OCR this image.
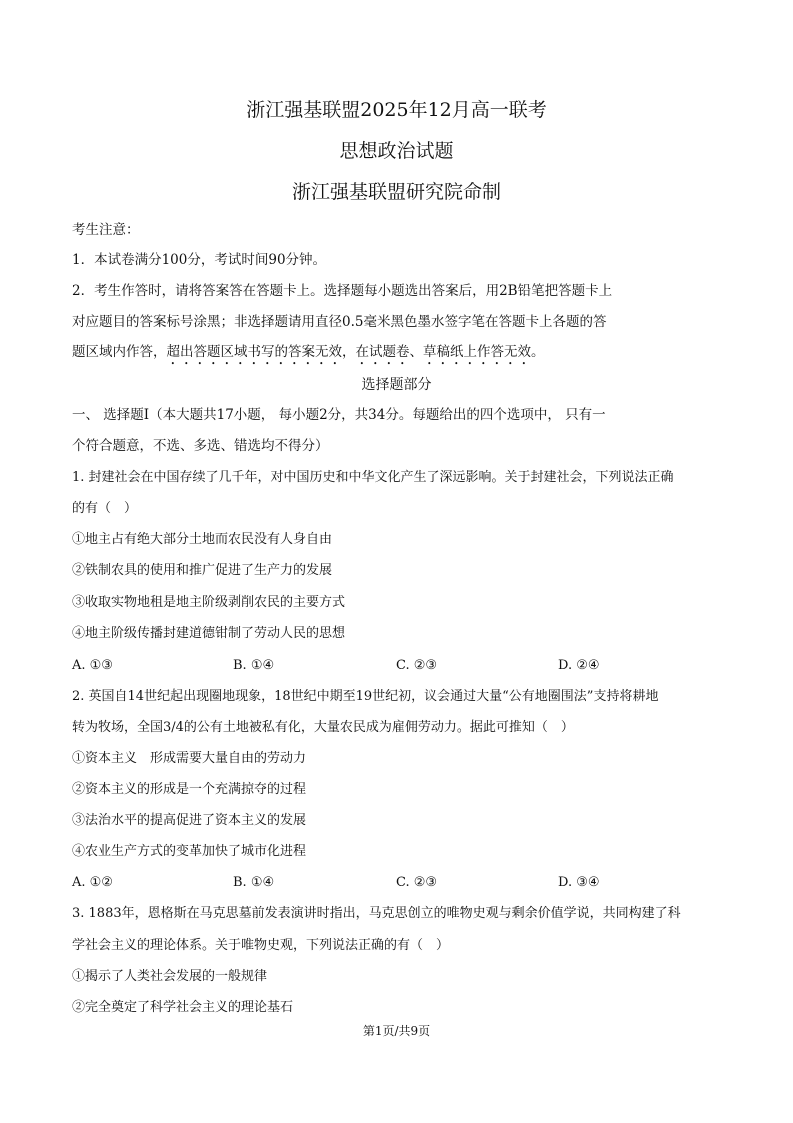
浙江强基联盟2025年12月高一联考
思想政治试题
浙江强基联盟研究院命制
考生注意：
1．本试卷满分100分，考试时间90分钟。
2．考生作答时，请将答案答在答题卡上。选择题每小题选出答案后，用2B铅笔把答题卡上
对应题目的答案标号涂黑；非选择题请用直径0.5毫米黑色墨水签字笔在答题卡上各题的答
题区域内作答，超出答题区域书写的答案无效，在试题卷、草稿纸上作答无效。
选择题部分
一、 选择题Ⅰ（本大题共17小题， 每小题2分，共34分。每题给出的四个选项中， 只有一
个符合题意，不选、多选、错选均不得分）
1. 封建社会在中国存续了几千年，对中国历史和中华文化产生了深远影响。关于封建社会，下列说法正确
的有（　）
①地主占有绝大部分土地而农民没有人身自由
②铁制农具的使用和推广促进了生产力的发展
③收取实物地租是地主阶级剥削农民的主要方式
④地主阶级传播封建道德钳制了劳动人民的思想
A. ①③	B. ①④	C. ②③	D. ②④
2. 英国自14世纪起出现圈地现象，18世纪中期至19世纪初，议会通过大量“公有地圈围法”支持将耕地
转为牧场，全国3/4的公有土地被私有化，大量农民成为雇佣劳动力。据此可推知（　）
①资本主义　形成需要大量自由的劳动力
②资本主义的形成是一个充满掠夺的过程
③法治水平的提高促进了资本主义的发展
④农业生产方式的变革加快了城市化进程
A. ①②	B. ①④	C. ②③	D. ③④
3. 1883年，恩格斯在马克思墓前发表演讲时指出，马克思创立的唯物史观与剩余价值学说，共同构建了科
学社会主义的理论体系。关于唯物史观，下列说法正确的有（　）
①揭示了人类社会发展的一般规律
②完全奠定了科学社会主义的理论基石
第1页/共9页
